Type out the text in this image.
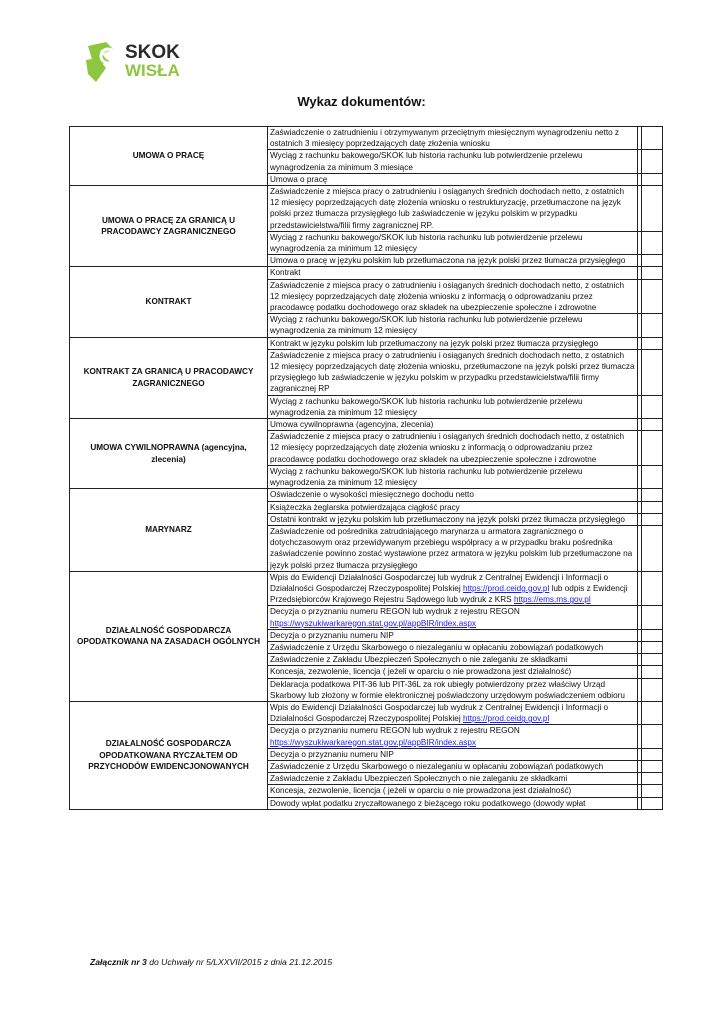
SKOK
WISŁA
Wykaz dokumentów:
UMOWA O PRACĘ	Zaświadczenie o zatrudnieniu i otrzymywanym przeciętnym miesięcznym wynagrodzeniu netto z ostatnich 3 miesięcy poprzedzających datę złożenia wniosku		
	Wyciąg z rachunku bakowego/SKOK lub historia rachunku lub potwierdzenie przelewu wynagrodzenia za minimum 3 miesiące		
	Umowa o pracę		
UMOWA O PRACĘ ZA GRANICĄ U PRACODAWCY ZAGRANICZNEGO	Zaświadczenie z miejsca pracy o zatrudnieniu i osiąganych średnich dochodach netto, z ostatnich 12 miesięcy poprzedzających datę złożenia wniosku o restrukturyzację, przetłumaczone na język polski przez tłumacza przysięgłego lub zaświadczenie w języku polskim w przypadku przedstawicielstwa/filii firmy zagranicznej RP.		
	Wyciąg z rachunku bakowego/SKOK lub historia rachunku lub potwierdzenie przelewu wynagrodzenia za minimum 12 miesięcy		
	Umowa o pracę w języku polskim lub przetłumaczona na język polski przez tłumacza przysięgłego		
KONTRAKT	Kontrakt		
	Zaświadczenie z miejsca pracy o zatrudnieniu i osiąganych średnich dochodach netto, z ostatnich 12 miesięcy poprzedzających datę złożenia wniosku z informacją o odprowadzaniu przez pracodawcę podatku dochodowego oraz składek na ubezpieczenie społeczne i zdrowotne		
	Wyciąg z rachunku bakowego/SKOK lub historia rachunku lub potwierdzenie przelewu wynagrodzenia za minimum 12 miesięcy		
KONTRAKT ZA GRANICĄ U PRACODAWCY ZAGRANICZNEGO	Kontrakt w języku polskim lub przetłumaczony na język polski przez tłumacza przysięgłego		
	Zaświadczenie z miejsca pracy o zatrudnieniu i osiąganych średnich dochodach netto, z ostatnich 12 miesięcy poprzedzających datę złożenia wniosku, przetłumaczone na język polski przez tłumacza przysięgłego lub zaświadczenie w języku polskim w przypadku przedstawicielstwa/filii firmy zagranicznej RP		
	Wyciąg z rachunku bakowego/SKOK lub historia rachunku lub potwierdzenie przelewu wynagrodzenia za minimum 12 miesięcy		
UMOWA CYWILNOPRAWNA (agencyjna, zlecenia)	Umowa cywilnoprawna (agencyjna, zlecenia)		
	Zaświadczenie z miejsca pracy o zatrudnieniu i osiąganych średnich dochodach netto, z ostatnich 12 miesięcy poprzedzających datę złożenia wniosku z informacją o odprowadzaniu przez pracodawcę podatku dochodowego oraz składek na ubezpieczenie społeczne i zdrowotne		
	Wyciąg z rachunku bakowego/SKOK lub historia rachunku lub potwierdzenie przelewu wynagrodzenia za minimum 12 miesięcy		
MARYNARZ	Oświadczenie o wysokości miesięcznego dochodu netto		
	Książeczka żeglarska potwierdzająca ciągłość pracy		
	Ostatni kontrakt w języku polskim lub przetłumaczony na język polski przez tłumacza przysięgłego		
	Zaświadczenie od pośrednika zatrudniającego marynarza u armatora zagranicznego o dotychczasowym oraz przewidywanym przebiegu współpracy a w przypadku braku pośrednika zaświadczenie powinno zostać wystawione przez armatora w języku polskim lub przetłumaczone na język polski przez tłumacza przysięgłego		
DZIAŁALNOŚĆ GOSPODARCZA OPODATKOWANA NA ZASADACH OGÓLNYCH	Wpis do Ewidencji Działalności Gospodarczej lub wydruk z Centralnej Ewidencji i Informacji o Działalności Gospodarczej Rzeczypospolitej Polskiej https://prod.ceidg.gov.pl lub odpis z Ewidencji Przedsiębiorców Krajowego Rejestru Sądowego lub wydruk z KRS https://ems.ms.gov.pl		
	Decyzja o przyznaniu numeru REGON lub wydruk z rejestru REGON https://wyszukiwarkaregon.stat.gov.pl/appBIR/index.aspx		
	Decyzja o przyznaniu numeru NIP		
	Zaświadczenie z Urzędu Skarbowego o niezaleganiu w opłacaniu zobowiązań podatkowych		
	Zaświadczenie z Zakładu Ubezpieczeń Społecznych o nie zaleganiu ze składkami		
	Koncesja, zezwolenie, licencja ( jeżeli w oparciu o nie prowadzona jest działalność)		
	Deklaracja podatkowa PIT-36 lub PIT-36L za rok ubiegły potwierdzony przez właściwy Urząd Skarbowy lub złożony w formie elektronicznej poświadczony urzędowym poświadczeniem odbioru		
DZIAŁALNOŚĆ GOSPODARCZA OPODATKOWANA RYCZAŁTEM OD PRZYCHODÓW EWIDENCJONOWANYCH	Wpis do Ewidencji Działalności Gospodarczej lub wydruk z Centralnej Ewidencji i Informacji o Działalności Gospodarczej Rzeczypospolitej Polskiej https://prod.ceidg.gov.pl		
	Decyzja o przyznaniu numeru REGON lub wydruk z rejestru REGON https://wyszukiwarkaregon.stat.gov.pl/appBIR/index.aspx		
	Decyzja o przyznaniu numeru NIP		
	Zaświadczenie z Urzędu Skarbowego o niezaleganiu w opłacaniu zobowiązań podatkowych		
	Zaświadczenie z Zakładu Ubezpieczeń Społecznych o nie zaleganiu ze składkami		
	Koncesja, zezwolenie, licencja ( jeżeli w oparciu o nie prowadzona jest działalność)		
	Dowody wpłat podatku zryczałtowanego z bieżącego roku podatkowego (dowody wpłat		
Załącznik nr 3 do Uchwały nr 5/LXXVII/2015 z dnia 21.12.2015
